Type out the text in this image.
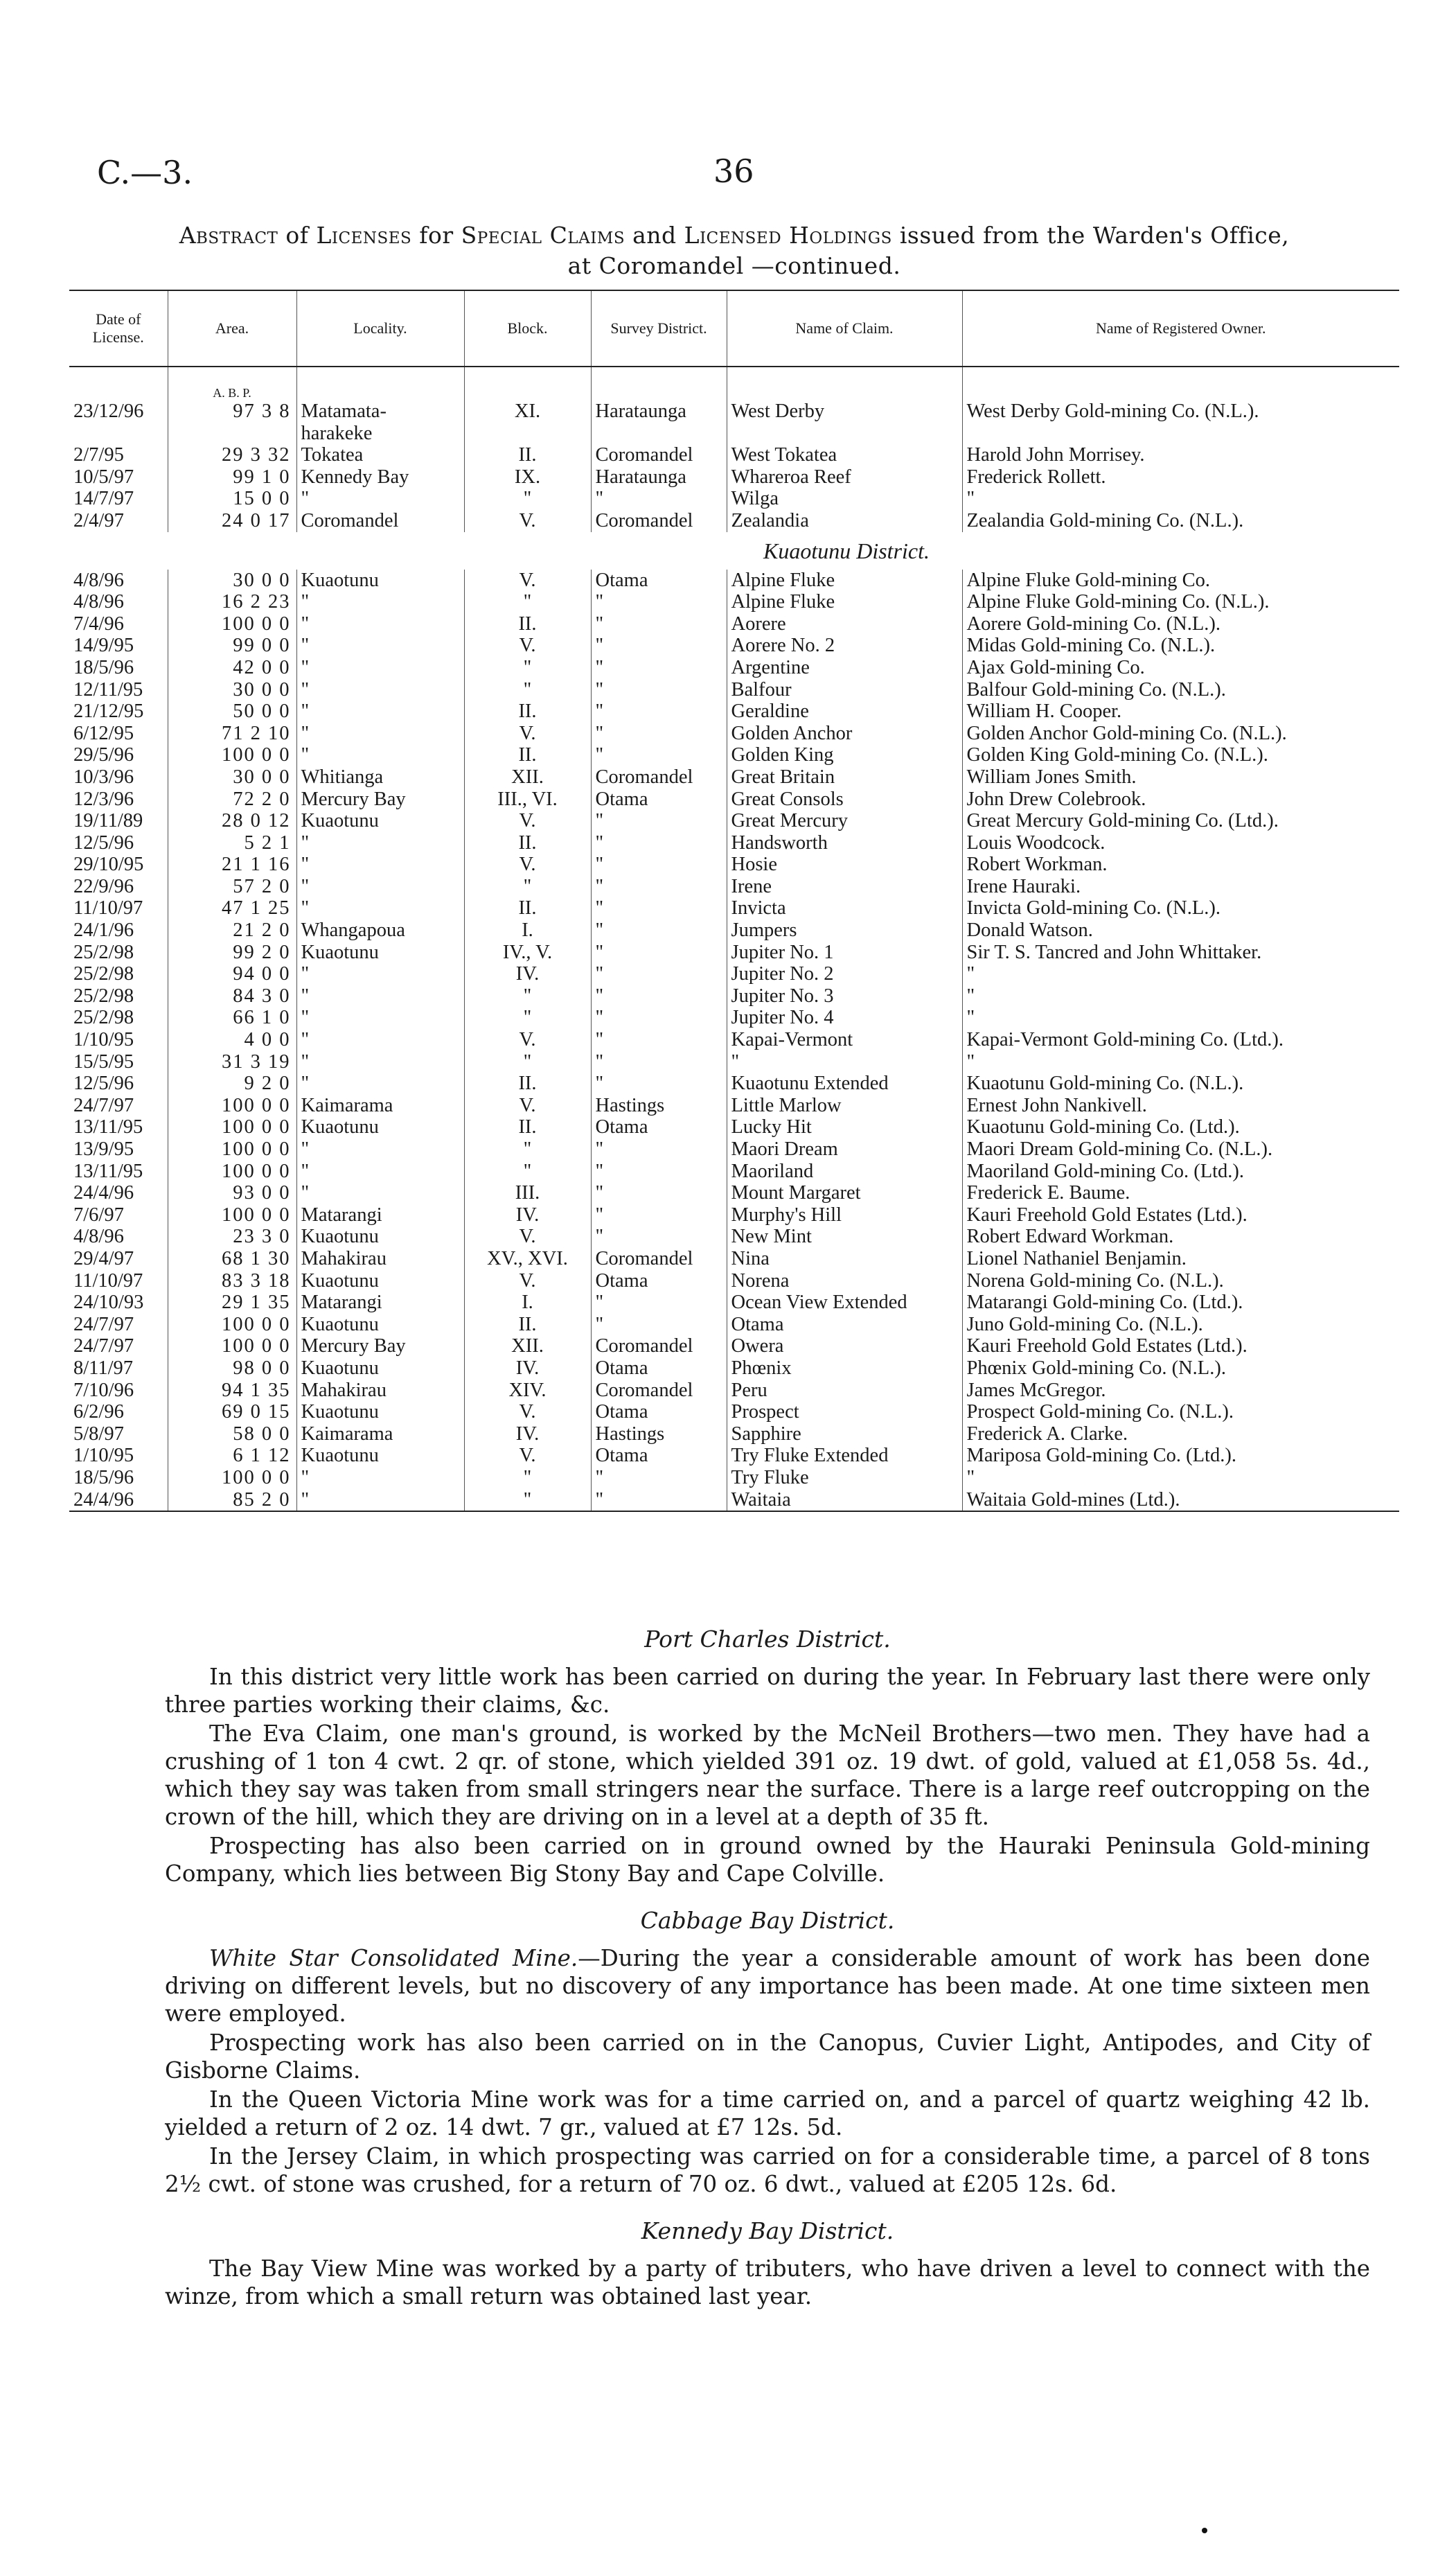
C.—3.	36
Abstract of Licenses for Special Claims and Licensed Holdings issued from the Warden's Office,
at Coromandel —continued.
Date of License.	Area.	Locality.	Block.	Survey District.	Name of Claim.	Name of Registered Owner.

	A. B. P.					
23/12/96	97 3 8	Matamata-	XI.	Harataunga	West Derby	West Derby Gold-mining Co. (N.L.).
		harakeke				
2/7/95	29 3 32	Tokatea	II.	Coromandel	West Tokatea	Harold John Morrisey.
10/5/97	99 1 0	Kennedy Bay	IX.	Harataunga	Whareroa Reef	Frederick Rollett.
14/7/97	15 0 0	"	"	"	Wilga	"
2/4/97	24 0 17	Coromandel	V.	Coromandel	Zealandia	Zealandia Gold-mining Co. (N.L.).
Kuaotunu District.						
4/8/96	30 0 0	Kuaotunu	V.	Otama	Alpine Fluke	Alpine Fluke Gold-mining Co.
4/8/96	16 2 23	"	"	"	Alpine Fluke	Alpine Fluke Gold-mining Co. (N.L.).
7/4/96	100 0 0	"	II.	"	Aorere	Aorere Gold-mining Co. (N.L.).
14/9/95	99 0 0	"	V.	"	Aorere No. 2	Midas Gold-mining Co. (N.L.).
18/5/96	42 0 0	"	"	"	Argentine	Ajax Gold-mining Co.
12/11/95	30 0 0	"	"	"	Balfour	Balfour Gold-mining Co. (N.L.).
21/12/95	50 0 0	"	II.	"	Geraldine	William H. Cooper.
6/12/95	71 2 10	"	V.	"	Golden Anchor	Golden Anchor Gold-mining Co. (N.L.).
29/5/96	100 0 0	"	II.	"	Golden King	Golden King Gold-mining Co. (N.L.).
10/3/96	30 0 0	Whitianga	XII.	Coromandel	Great Britain	William Jones Smith.
12/3/96	72 2 0	Mercury Bay	III., VI.	Otama	Great Consols	John Drew Colebrook.
19/11/89	28 0 12	Kuaotunu	V.	"	Great Mercury	Great Mercury Gold-mining Co. (Ltd.).
12/5/96	5 2 1	"	II.	"	Handsworth	Louis Woodcock.
29/10/95	21 1 16	"	V.	"	Hosie	Robert Workman.
22/9/96	57 2 0	"	"	"	Irene	Irene Hauraki.
11/10/97	47 1 25	"	II.	"	Invicta	Invicta Gold-mining Co. (N.L.).
24/1/96	21 2 0	Whangapoua	I.	"	Jumpers	Donald Watson.
25/2/98	99 2 0	Kuaotunu	IV., V.	"	Jupiter No. 1	Sir T. S. Tancred and John Whittaker.
25/2/98	94 0 0	"	IV.	"	Jupiter No. 2	"
25/2/98	84 3 0	"	"	"	Jupiter No. 3	"
25/2/98	66 1 0	"	"	"	Jupiter No. 4	"
1/10/95	4 0 0	"	V.	"	Kapai-Vermont	Kapai-Vermont Gold-mining Co. (Ltd.).
15/5/95	31 3 19	"	"	"	"	"
12/5/96	9 2 0	"	II.	"	Kuaotunu Extended	Kuaotunu Gold-mining Co. (N.L.).
24/7/97	100 0 0	Kaimarama	V.	Hastings	Little Marlow	Ernest John Nankivell.
13/11/95	100 0 0	Kuaotunu	II.	Otama	Lucky Hit	Kuaotunu Gold-mining Co. (Ltd.).
13/9/95	100 0 0	"	"	"	Maori Dream	Maori Dream Gold-mining Co. (N.L.).
13/11/95	100 0 0	"	"	"	Maoriland	Maoriland Gold-mining Co. (Ltd.).
24/4/96	93 0 0	"	III.	"	Mount Margaret	Frederick E. Baume.
7/6/97	100 0 0	Matarangi	IV.	"	Murphy's Hill	Kauri Freehold Gold Estates (Ltd.).
4/8/96	23 3 0	Kuaotunu	V.	"	New Mint	Robert Edward Workman.
29/4/97	68 1 30	Mahakirau	XV., XVI.	Coromandel	Nina	Lionel Nathaniel Benjamin.
11/10/97	83 3 18	Kuaotunu	V.	Otama	Norena	Norena Gold-mining Co. (N.L.).
24/10/93	29 1 35	Matarangi	I.	"	Ocean View Extended	Matarangi Gold-mining Co. (Ltd.).
24/7/97	100 0 0	Kuaotunu	II.	"	Otama	Juno Gold-mining Co. (N.L.).
24/7/97	100 0 0	Mercury Bay	XII.	Coromandel	Owera	Kauri Freehold Gold Estates (Ltd.).
8/11/97	98 0 0	Kuaotunu	IV.	Otama	Phœnix	Phœnix Gold-mining Co. (N.L.).
7/10/96	94 1 35	Mahakirau	XIV.	Coromandel	Peru	James McGregor.
6/2/96	69 0 15	Kuaotunu	V.	Otama	Prospect	Prospect Gold-mining Co. (N.L.).
5/8/97	58 0 0	Kaimarama	IV.	Hastings	Sapphire	Frederick A. Clarke.
1/10/95	6 1 12	Kuaotunu	V.	Otama	Try Fluke Extended	Mariposa Gold-mining Co. (Ltd.).
18/5/96	100 0 0	"	"	"	Try Fluke	"
24/4/96	85 2 0	"	"	"	Waitaia	Waitaia Gold-mines (Ltd.).
Port Charles District.

In this district very little work has been carried on during the year. In February last there were only three parties working their claims, &c.

The Eva Claim, one man's ground, is worked by the McNeil Brothers—two men. They have had a crushing of 1 ton 4 cwt. 2 qr. of stone, which yielded 391 oz. 19 dwt. of gold, valued at £1,058 5s. 4d., which they say was taken from small stringers near the surface. There is a large reef outcropping on the crown of the hill, which they are driving on in a level at a depth of 35 ft.

Prospecting has also been carried on in ground owned by the Hauraki Peninsula Gold-mining Company, which lies between Big Stony Bay and Cape Colville.

Cabbage Bay District.

White Star Consolidated Mine.—During the year a considerable amount of work has been done driving on different levels, but no discovery of any importance has been made. At one time sixteen men were employed.

Prospecting work has also been carried on in the Canopus, Cuvier Light, Antipodes, and City of Gisborne Claims.

In the Queen Victoria Mine work was for a time carried on, and a parcel of quartz weighing 42 lb. yielded a return of 2 oz. 14 dwt. 7 gr., valued at £7 12s. 5d.

In the Jersey Claim, in which prospecting was carried on for a considerable time, a parcel of 8 tons 2½ cwt. of stone was crushed, for a return of 70 oz. 6 dwt., valued at £205 12s. 6d.

Kennedy Bay District.

The Bay View Mine was worked by a party of tributers, who have driven a level to connect with the winze, from which a small return was obtained last year.
